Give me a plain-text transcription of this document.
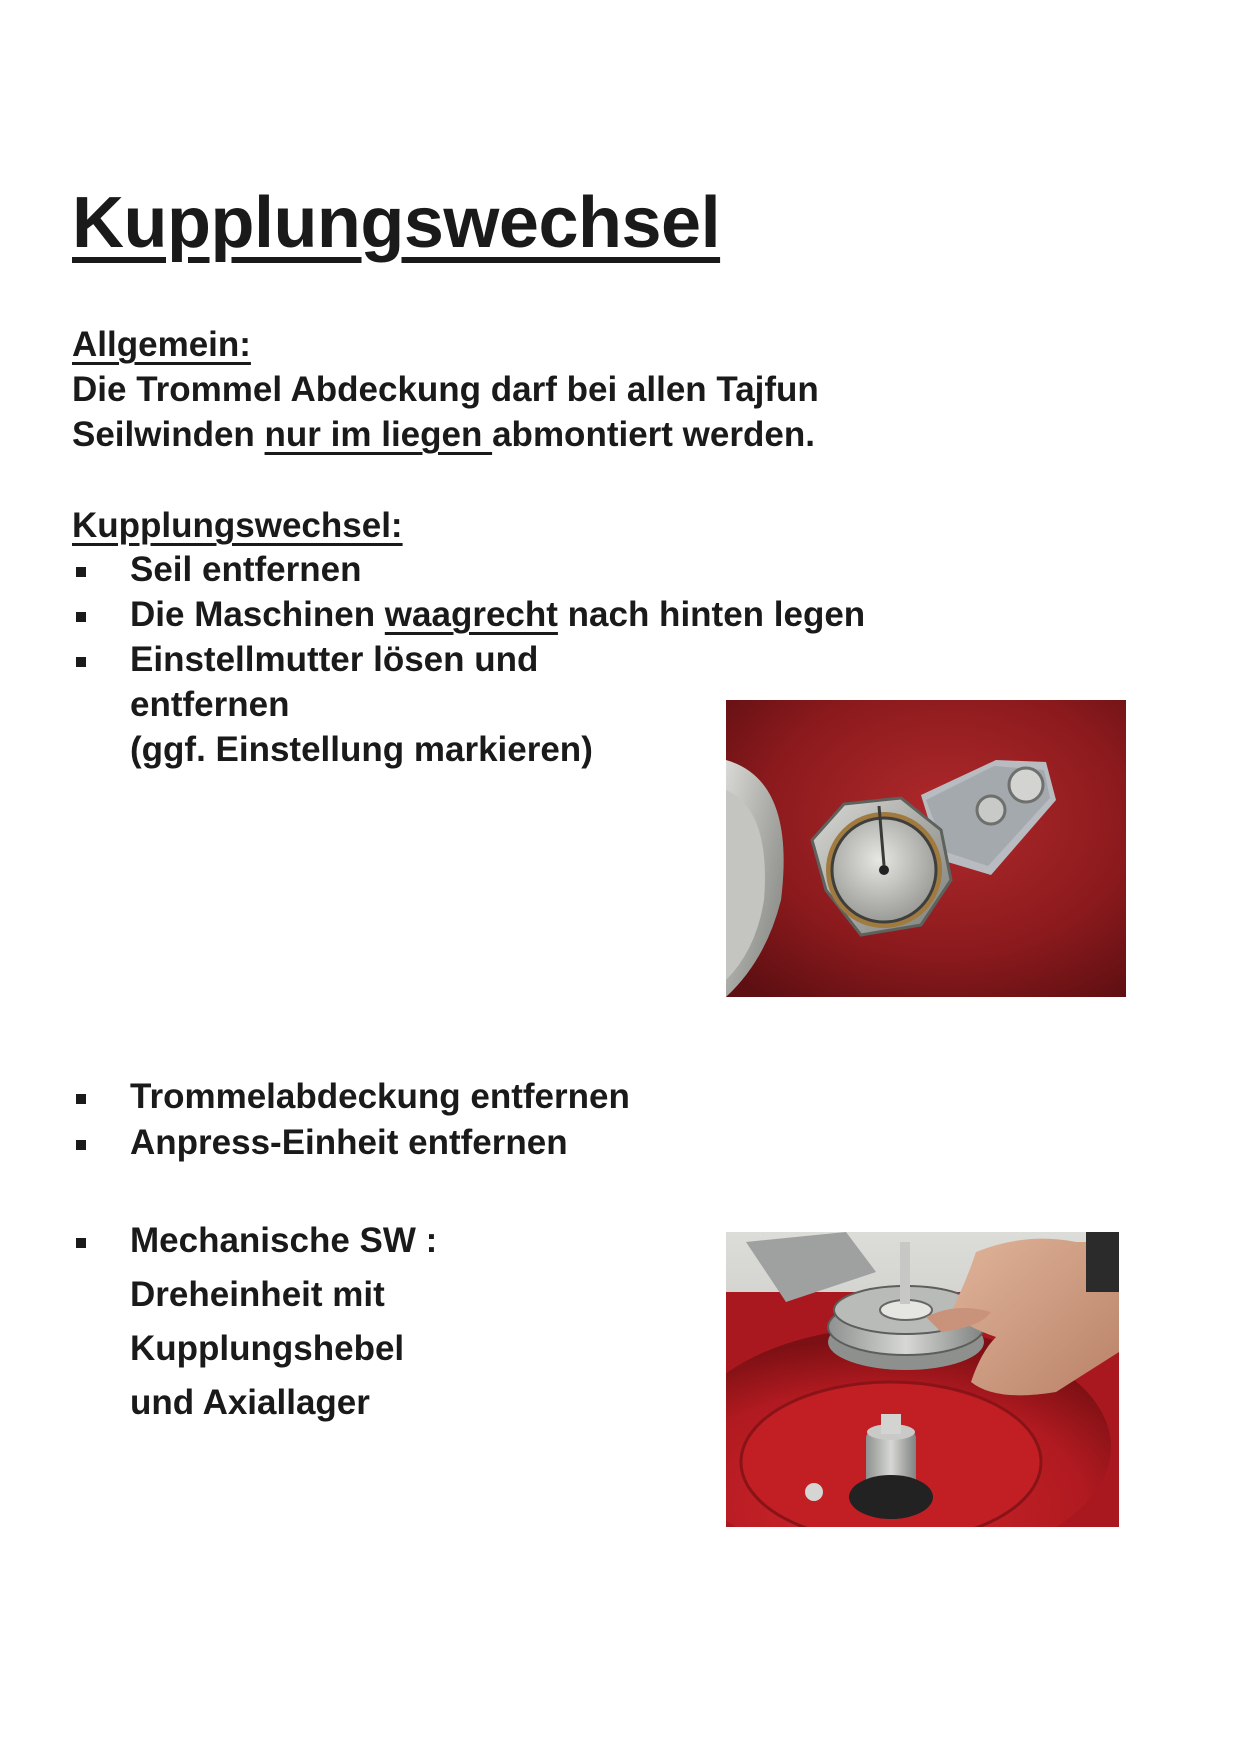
Kupplungswechsel

Allgemein:

Die Trommel Abdeckung darf bei allen Tajfun

Seilwinden nur im liegen abmontiert werden.

Kupplungswechsel:

Seil entfernen
Die Maschinen waagrecht nach hinten legen
Einstellmutter lösen und
entfernen
(ggf. Einstellung markieren)
Trommelabdeckung entfernen
Anpress-Einheit entfernen
Mechanische SW :
Dreheinheit mit
Kupplungshebel
und Axiallager
